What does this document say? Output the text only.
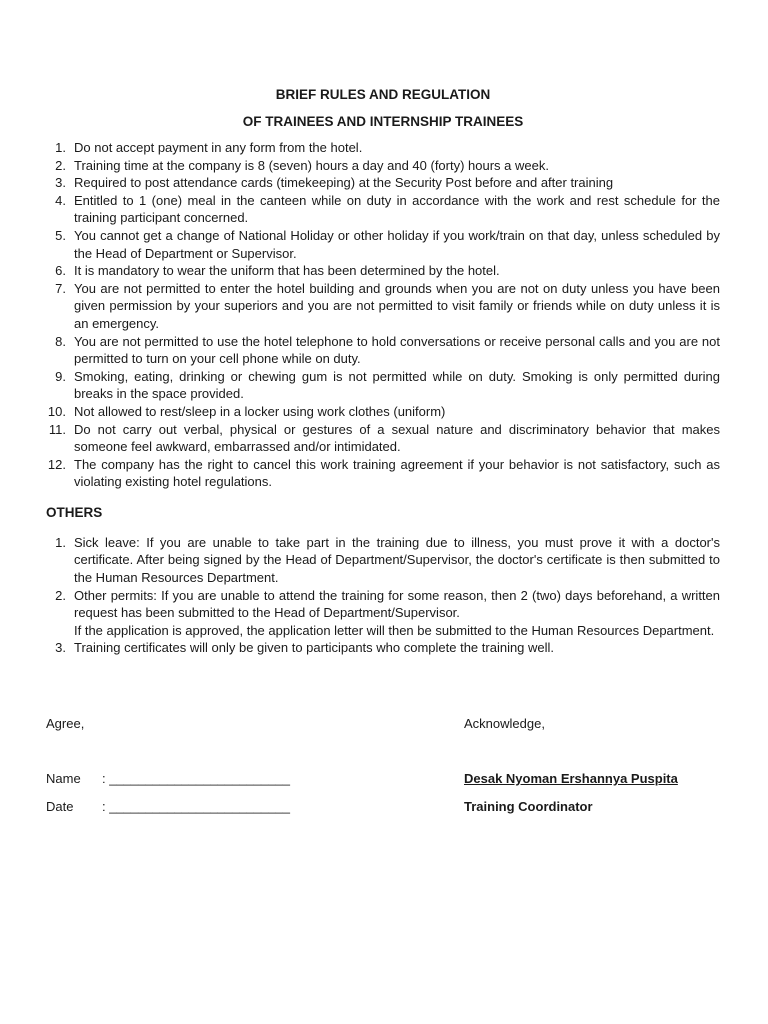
BRIEF RULES AND REGULATION

OF TRAINEES AND INTERNSHIP TRAINEES

1. Do not accept payment in any form from the hotel.
2. Training time at the company is 8 (seven) hours a day and 40 (forty) hours a week.
3. Required to post attendance cards (timekeeping) at the Security Post before and after training
4. Entitled to 1 (one) meal in the canteen while on duty in accordance with the work and rest schedule for the training participant concerned.
5. You cannot get a change of National Holiday or other holiday if you work/train on that day, unless scheduled by the Head of Department or Supervisor.
6. It is mandatory to wear the uniform that has been determined by the hotel.
7. You are not permitted to enter the hotel building and grounds when you are not on duty unless you have been given permission by your superiors and you are not permitted to visit family or friends while on duty unless it is an emergency.
8. You are not permitted to use the hotel telephone to hold conversations or receive personal calls and you are not permitted to turn on your cell phone while on duty.
9. Smoking, eating, drinking or chewing gum is not permitted while on duty. Smoking is only permitted during breaks in the space provided.
10. Not allowed to rest/sleep in a locker using work clothes (uniform)
11. Do not carry out verbal, physical or gestures of a sexual nature and discriminatory behavior that makes someone feel awkward, embarrassed and/or intimidated.
12. The company has the right to cancel this work training agreement if your behavior is not satisfactory, such as violating existing hotel regulations.
OTHERS
1. Sick leave: If you are unable to take part in the training due to illness, you must prove it with a doctor's certificate. After being signed by the Head of Department/Supervisor, the doctor's certificate is then submitted to the Human Resources Department.
2. Other permits: If you are unable to attend the training for some reason, then 2 (two) days beforehand, a written request has been submitted to the Head of Department/Supervisor.
If the application is approved, the application letter will then be submitted to the Human Resources Department.
3. Training certificates will only be given to participants who complete the training well.
Agree,	Acknowledge,
Name : _________________________	Desak Nyoman Ershannya Puspita
Date : _________________________	Training Coordinator
